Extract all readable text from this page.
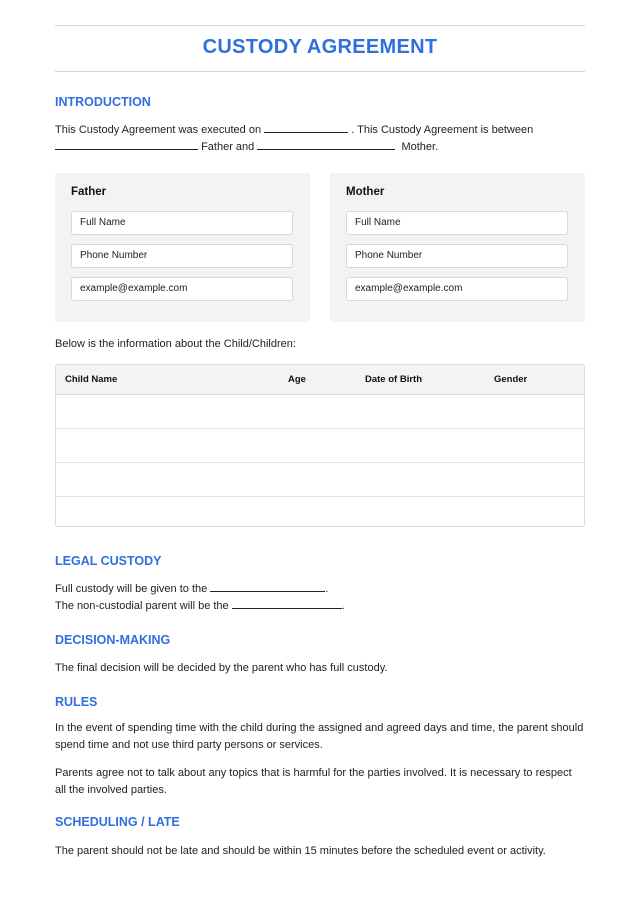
CUSTODY AGREEMENT
INTRODUCTION
This Custody Agreement was executed on	. This Custody Agreement is between
Father and	Mother.
Father
Full Name
Phone Number
example@example.com
Mother
Full Name
Phone Number
example@example.com
Below is the information about the Child/Children:
Child Name	Age	Date of Birth	Gender
LEGAL CUSTODY
Full custody will be given to the	.
The non-custodial parent will be the	.
DECISION-MAKING
The final decision will be decided by the parent who has full custody.
RULES
In the event of spending time with the child during the assigned and agreed days and time, the parent should spend time and not use third party persons or services.
Parents agree not to talk about any topics that is harmful for the parties involved. It is necessary to respect all the involved parties.
SCHEDULING / LATE
The parent should not be late and should be within 15 minutes before the scheduled event or activity.
